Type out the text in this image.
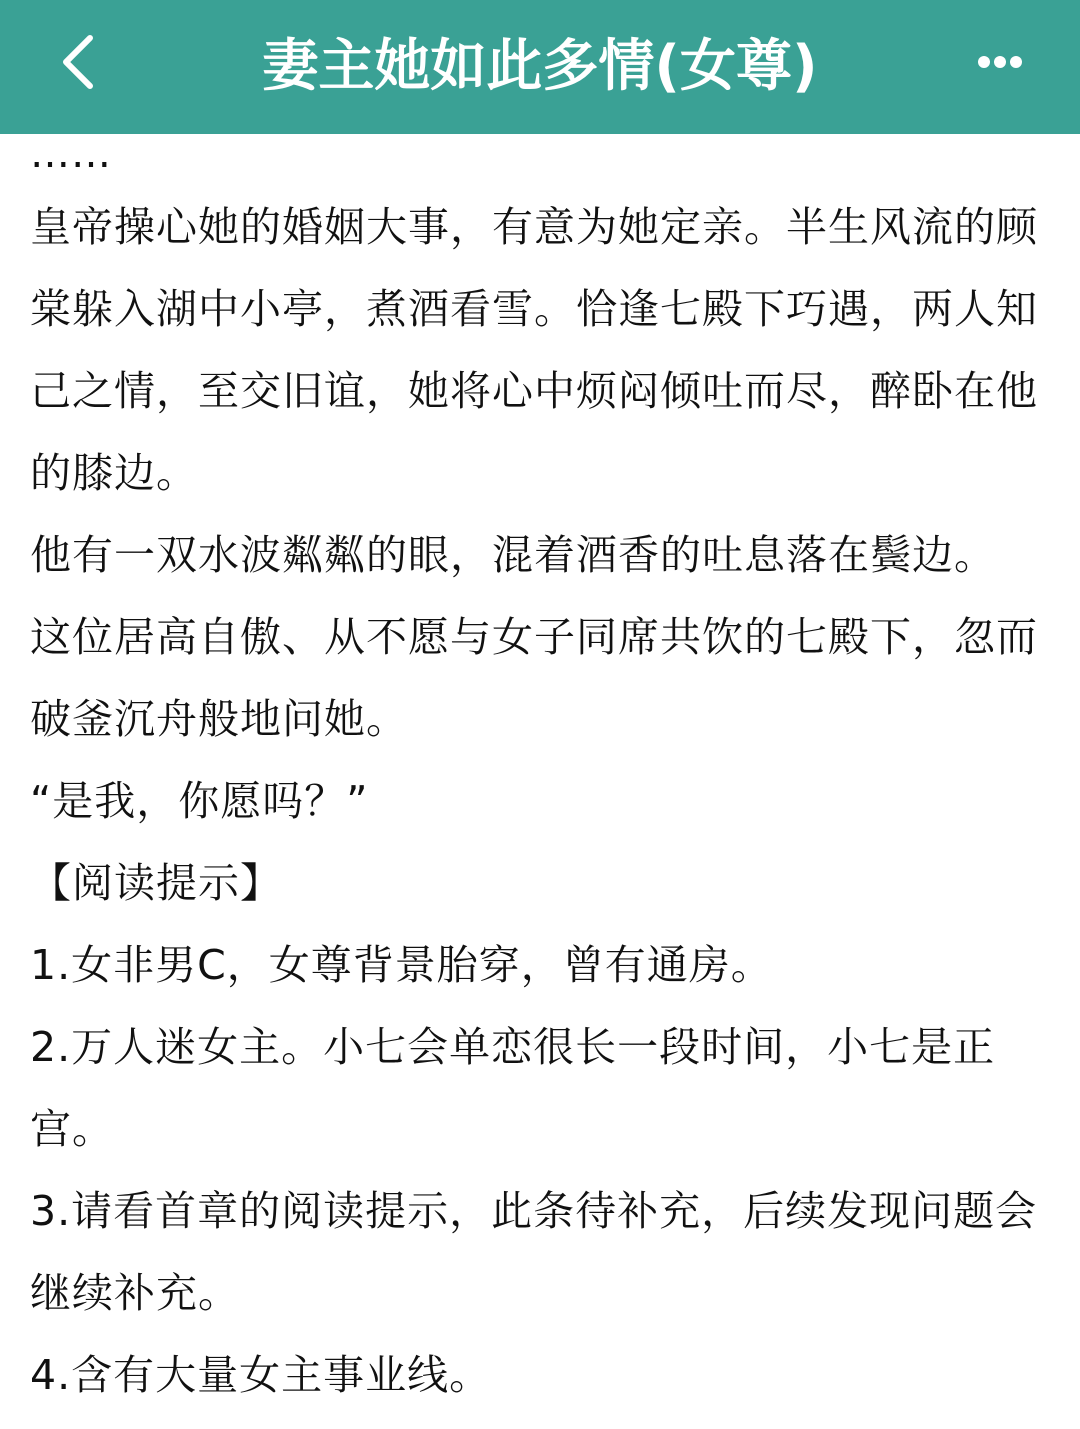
妻主她如此多情(女尊)

……

皇帝操心她的婚姻大事，有意为她定亲。半生风流的顾棠躲入湖中小亭，煮酒看雪。恰逢七殿下巧遇，两人知己之情，至交旧谊，她将心中烦闷倾吐而尽，醉卧在他的膝边。

他有一双水波粼粼的眼，混着酒香的吐息落在鬓边。

这位居高自傲、从不愿与女子同席共饮的七殿下，忽而破釜沉舟般地问她。

“是我，你愿吗？”

【阅读提示】

1.女非男C，女尊背景胎穿，曾有通房。

2.万人迷女主。小七会单恋很长一段时间，小七是正宫。

3.请看首章的阅读提示，此条待补充，后续发现问题会继续补充。

4.含有大量女主事业线。
